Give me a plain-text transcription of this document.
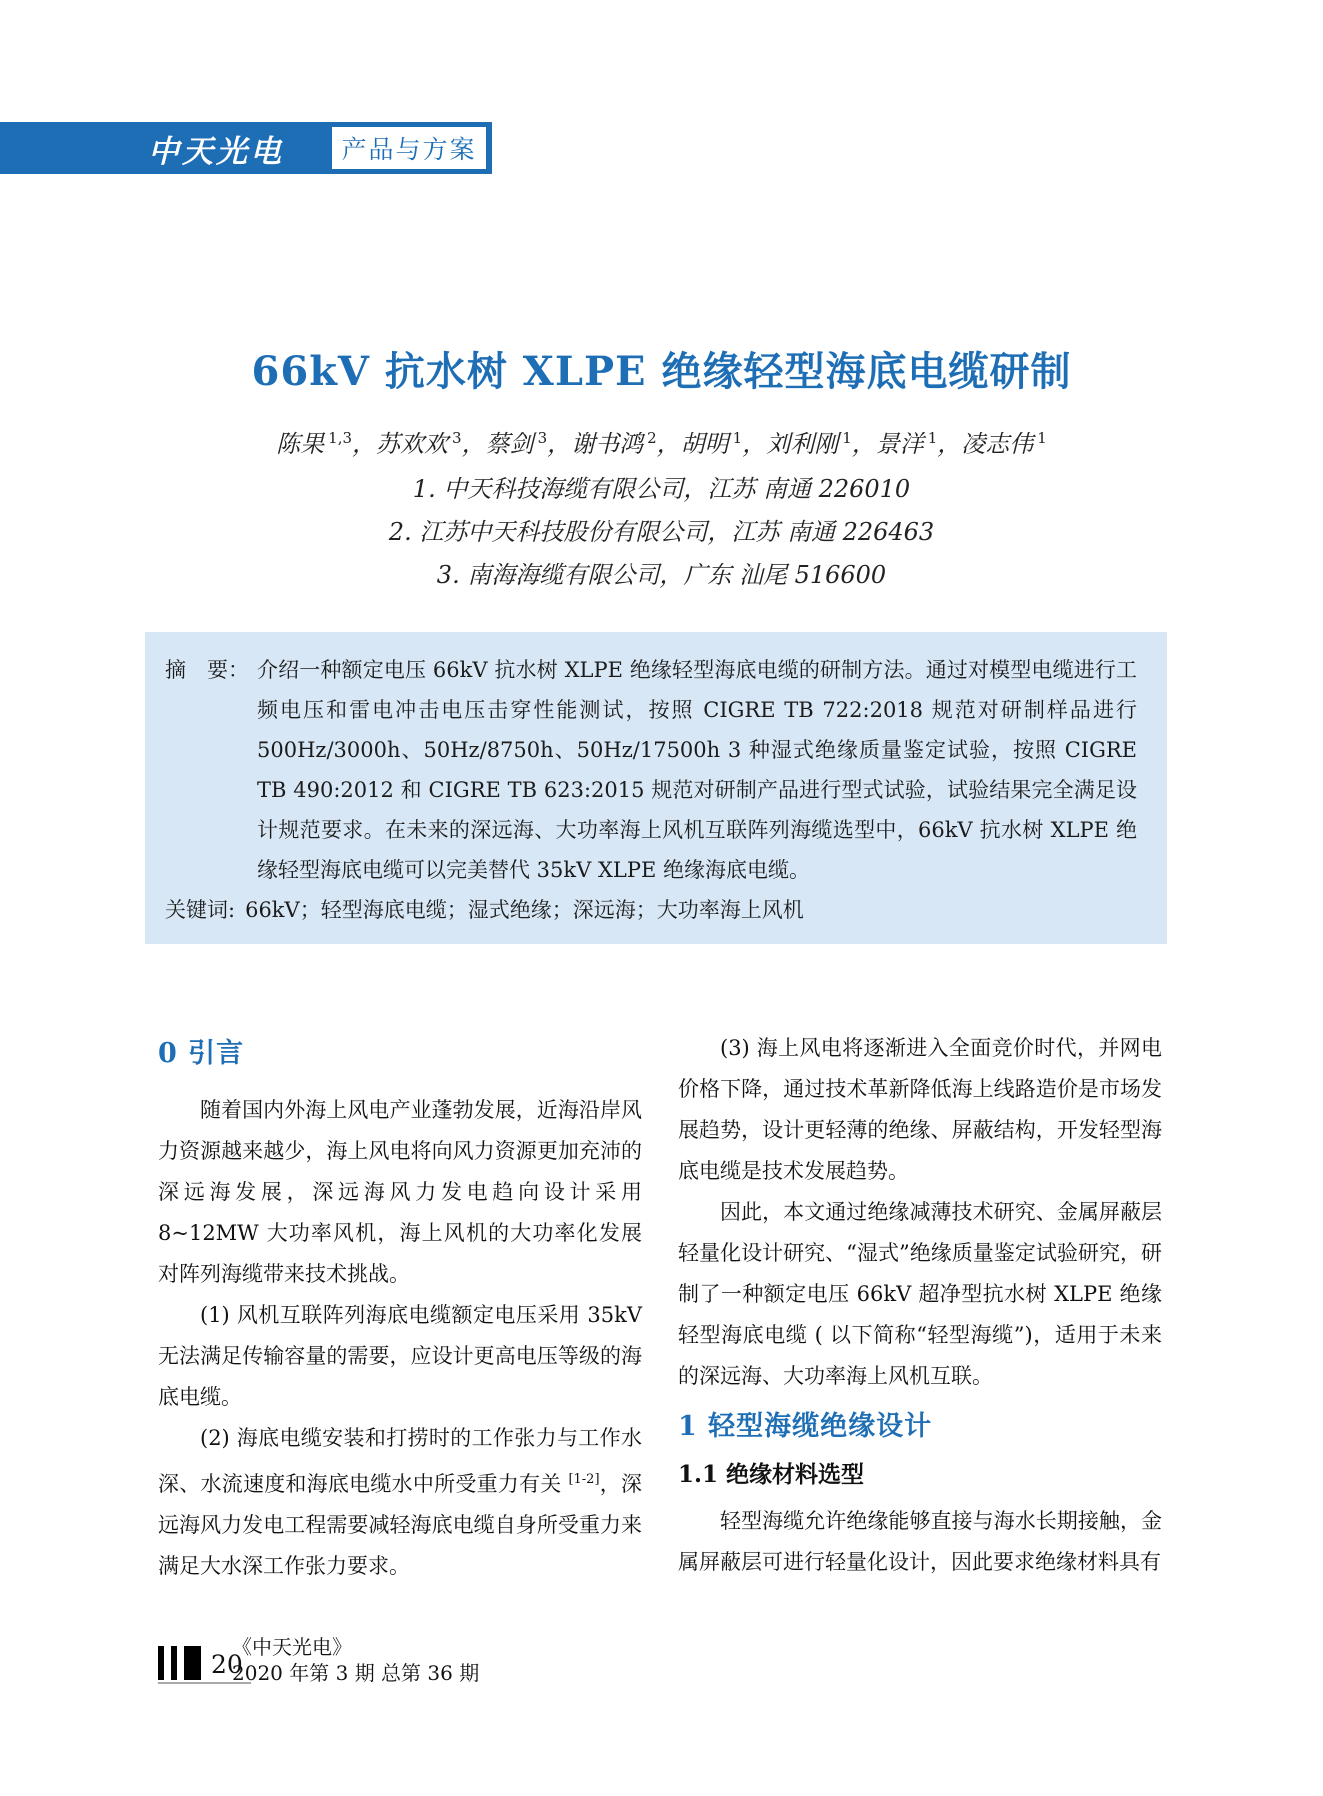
中天光电	产品与方案
66kV 抗水树 XLPE 绝缘轻型海底电缆研制
陈果 $^{1,3}$，苏欢欢 $^3$，蔡剑 $^3$，谢书鸿 $^2$，胡明 $^1$，刘利刚 $^1$，景洋 $^1$，凌志伟 $^1$
1. 中天科技海缆有限公司，江苏 南通 226010
2. 江苏中天科技股份有限公司，江苏 南通 226463
3. 南海海缆有限公司，广东 汕尾 516600
摘　要： 介绍一种额定电压 66kV 抗水树 XLPE 绝缘轻型海底电缆的研制方法。通过对模型电缆进行工频电压和雷电冲击电压击穿性能测试，按照 CIGRE TB 722:2018 规范对研制样品进行 500Hz/3000h、50Hz/8750h、50Hz/17500h 3 种湿式绝缘质量鉴定试验，按照 CIGRE TB 490:2012 和 CIGRE TB 623:2015 规范对研制产品进行型式试验，试验结果完全满足设计规范要求。在未来的深远海、大功率海上风机互联阵列海缆选型中，66kV 抗水树 XLPE 绝缘轻型海底电缆可以完美替代 35kV XLPE 绝缘海底电缆。
关键词: 66kV；轻型海底电缆；湿式绝缘；深远海；大功率海上风机
0 引言

随着国内外海上风电产业蓬勃发展，近海沿岸风力资源越来越少，海上风电将向风力资源更加充沛的深远海发展，深远海风力发电趋向设计采用 8~12MW 大功率风机，海上风机的大功率化发展对阵列海缆带来技术挑战。

(1) 风机互联阵列海底电缆额定电压采用 35kV 无法满足传输容量的需要，应设计更高电压等级的海底电缆。

(2) 海底电缆安装和打捞时的工作张力与工作水深、水流速度和海底电缆水中所受重力有关 [1-2]，深远海风力发电工程需要减轻海底电缆自身所受重力来满足大水深工作张力要求。

(3) 海上风电将逐渐进入全面竞价时代，并网电价格下降，通过技术革新降低海上线路造价是市场发展趋势，设计更轻薄的绝缘、屏蔽结构，开发轻型海底电缆是技术发展趋势。

因此，本文通过绝缘减薄技术研究、金属屏蔽层轻量化设计研究、“湿式”绝缘质量鉴定试验研究，研制了一种额定电压 66kV 超净型抗水树 XLPE 绝缘轻型海底电缆 ( 以下简称“轻型海缆”)，适用于未来的深远海、大功率海上风机互联。

1 轻型海缆绝缘设计
1.1 绝缘材料选型

轻型海缆允许绝缘能够直接与海水长期接触，金属屏蔽层可进行轻量化设计，因此要求绝缘材料具有

20
《中天光电》
2020 年第 3 期 总第 36 期
